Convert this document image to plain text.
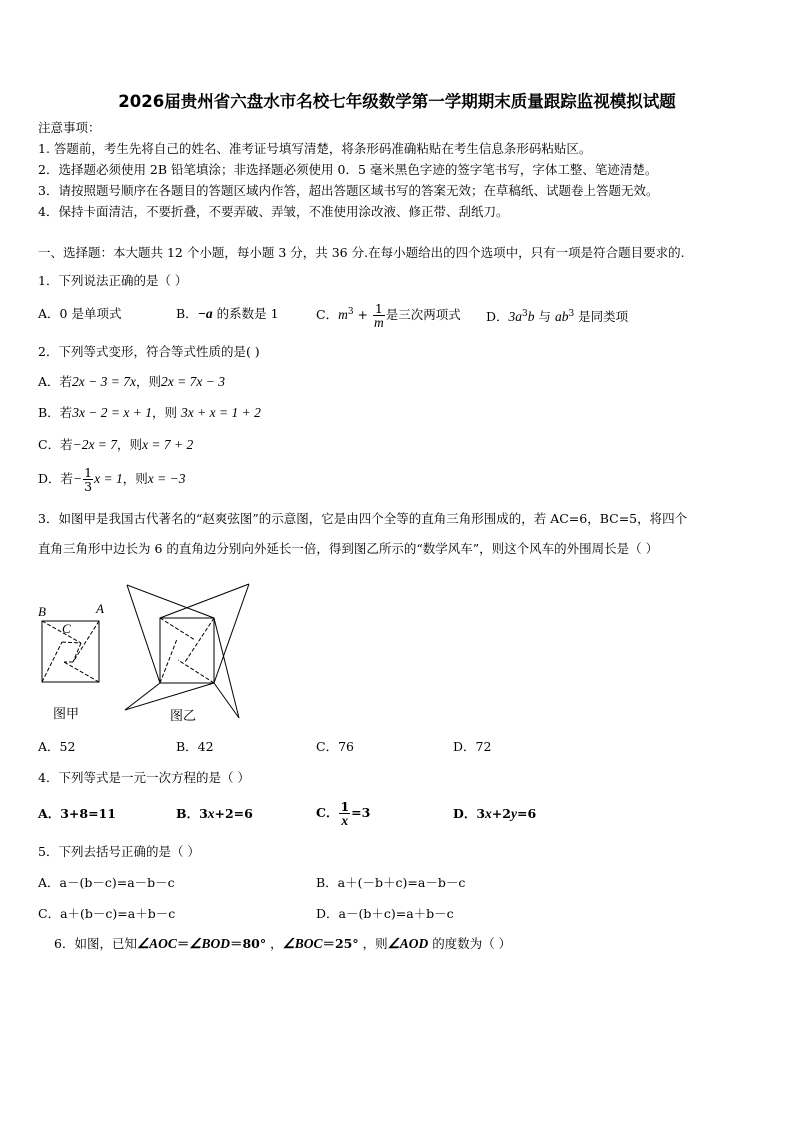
2026届贵州省六盘水市名校七年级数学第一学期期末质量跟踪监视模拟试题
注意事项：
1. 答题前，考生先将自己的姓名、准考证号填写清楚，将条形码准确粘贴在考生信息条形码粘贴区。
2．选择题必须使用 2B 铅笔填涂；非选择题必须使用 0．5 毫米黑色字迹的签字笔书写，字体工整、笔迹清楚。
3．请按照题号顺序在各题目的答题区域内作答，超出答题区域书写的答案无效；在草稿纸、试题卷上答题无效。
4．保持卡面清洁，不要折叠，不要弄破、弄皱，不准使用涂改液、修正带、刮纸刀。
一、选择题：本大题共 12 个小题，每小题 3 分，共 36 分.在每小题给出的四个选项中，只有一项是符合题目要求的.
1．下列说法正确的是（ ）
A．0 是单项式	B．−a 的系数是 1	C．$m^3 + \frac{1}{m}$ 是三次两项式 D．$3a^3b$ 与 $ab^3$ 是同类项
2．下列等式变形，符合等式性质的是( )
A．若2x − 3 = 7x，则2x = 7x − 3
B．若3x − 2 = x + 1，则 3x + x = 1 + 2
C．若−2x = 7，则x = 7 + 2
D．若− $\frac{1}{3}$ x = 1，则x = −3
3．如图甲是我国古代著名的“赵爽弦图”的示意图，它是由四个全等的直角三角形围成的，若 AC=6，BC=5，将四个
直角三角形中边长为 6 的直角边分别向外延长一倍，得到图乙所示的“数学风车”，则这个风车的外围周长是（ ）
B	A
C
图甲	图乙
A．52	B．42	C．76	D．72
4．下列等式是一元一次方程的是（ ）
A．3+8=11	B．3x+2=6	C． $\frac{1}{x} =3$	D．3x+2y=6
5．下列去括号正确的是（ ）
A．a－(b－c)=a－b－c	B．a＋(－b＋c)=a－b－c
C．a＋(b－c)=a＋b－c	D．a－(b＋c)=a＋b－c
6．如图，已知∠AOC＝∠BOD＝80° ，∠BOC＝25° ，则∠AOD 的度数为（ ）
